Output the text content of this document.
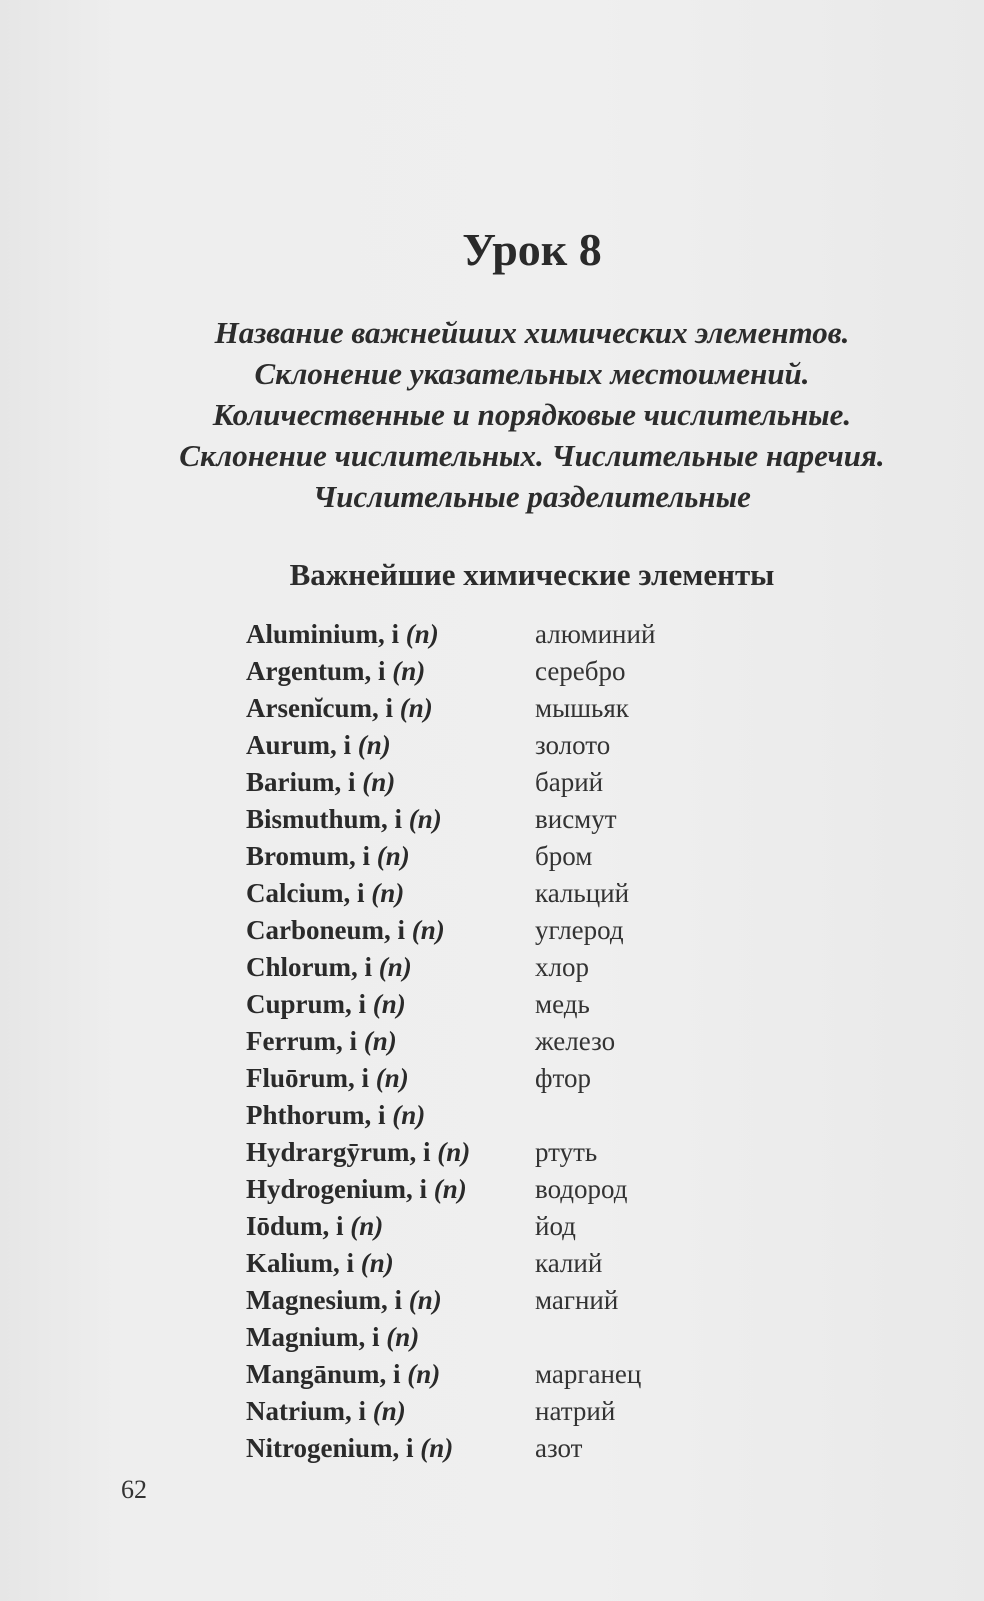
Урок 8
Название важнейших химических элементов.
Склонение указательных местоимений.
Количественные и порядковые числительные.
Склонение числительных. Числительные наречия.
Числительные разделительные
Важнейшие химические элементы
Aluminium, i (n)	алюминий
Argentum, i (n)	серебро
Arsenĭcum, i (n)	мышьяк
Aurum, i (n)	золото
Barium, i (n)	барий
Bismuthum, i (n)	висмут
Bromum, i (n)	бром
Calcium, i (n)	кальций
Carboneum, i (n)	углерод
Chlorum, i (n)	хлор
Cuprum, i (n)	медь
Ferrum, i (n)	железо
Fluōrum, i (n)	фтор
Phthorum, i (n)
Hydrargȳrum, i (n) ртуть
Hydrogenium, i (n)	водород
Iōdum, i (n)	йод
Kalium, i (n)	калий
Magnesium, i (n)	магний
Magnium, i (n)
Mangānum, i (n)	марганец
Natrium, i (n)	натрий
Nitrogenium, i (n)	азот
62
